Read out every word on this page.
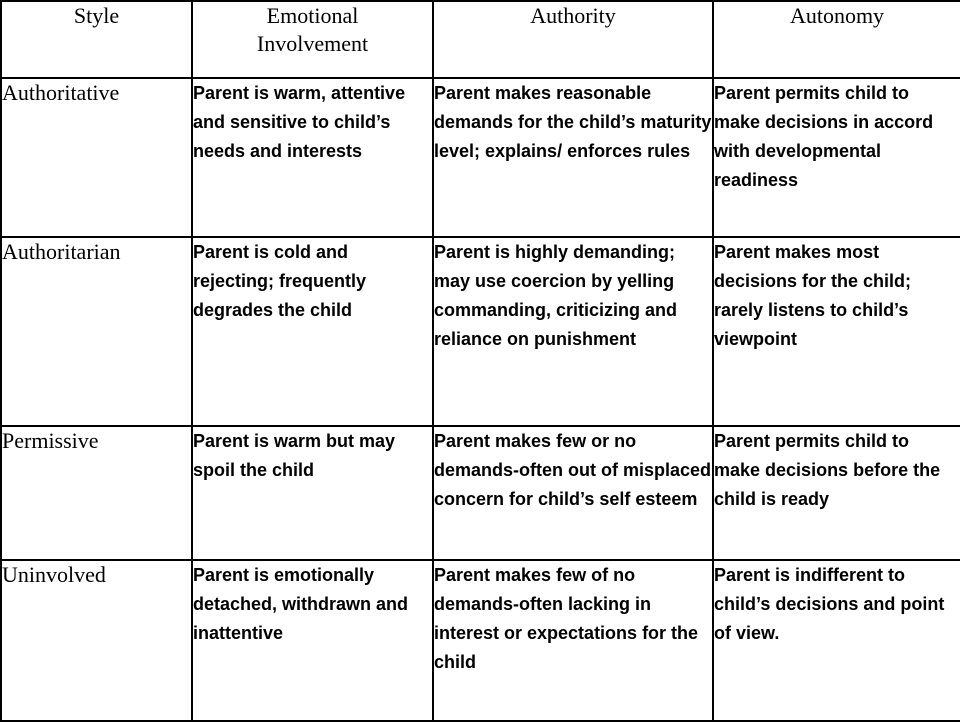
Style	Emotional Involvement	Authority	Autonomy
Authoritative	Parent is warm, attentive and sensitive to child’s needs and interests	Parent makes reasonable demands for the child’s maturity level; explains/ enforces rules	Parent permits child to make decisions in accord with developmental readiness
Authoritarian	Parent is cold and rejecting; frequently degrades the child	Parent is highly demanding; may use coercion by yelling commanding, criticizing and reliance on punishment	Parent makes most decisions for the child; rarely listens to child’s viewpoint
Permissive	Parent is warm but may spoil the child	Parent makes few or no demands-often out of misplaced concern for child’s self esteem	Parent permits child to make decisions before the child is ready
Uninvolved	Parent is emotionally detached, withdrawn and inattentive	Parent makes few of no demands-often lacking in interest or expectations for the child	Parent is indifferent to child’s decisions and point of view.
